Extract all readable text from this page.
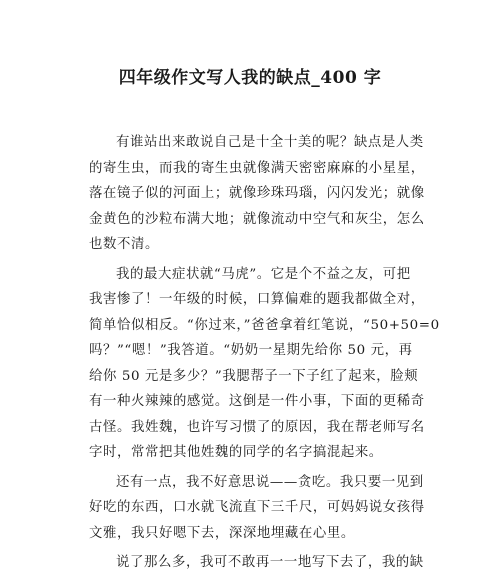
四年级作文写人我的缺点_400 字

有谁站出来敢说自己是十全十美的呢？缺点是人类
的寄生虫，而我的寄生虫就像满天密密麻麻的小星星，
落在镜子似的河面上；就像珍珠玛瑙，闪闪发光；就像
金黄色的沙粒布满大地；就像流动中空气和灰尘，怎么
也数不清。

我的最大症状就“马虎”。它是个不益之友，可把
我害惨了！一年级的时候，口算偏难的题我都做全对，
简单恰似相反。“你过来，”爸爸拿着红笔说，“50+50=0
吗？”“嗯！”我答道。“奶奶一星期先给你 50 元，再
给你 50 元是多少？”我腮帮子一下子红了起来，脸颊
有一种火辣辣的感觉。这倒是一件小事，下面的更稀奇
古怪。我姓魏，也许写习惯了的原因，我在帮老师写名
字时，常常把其他姓魏的同学的名字搞混起来。

还有一点，我不好意思说——贪吃。我只要一见到
好吃的东西，口水就飞流直下三千尺，可妈妈说女孩得
文雅，我只好嗯下去，深深地埋藏在心里。

说了那么多，我可不敢再一一地写下去了，我的缺
